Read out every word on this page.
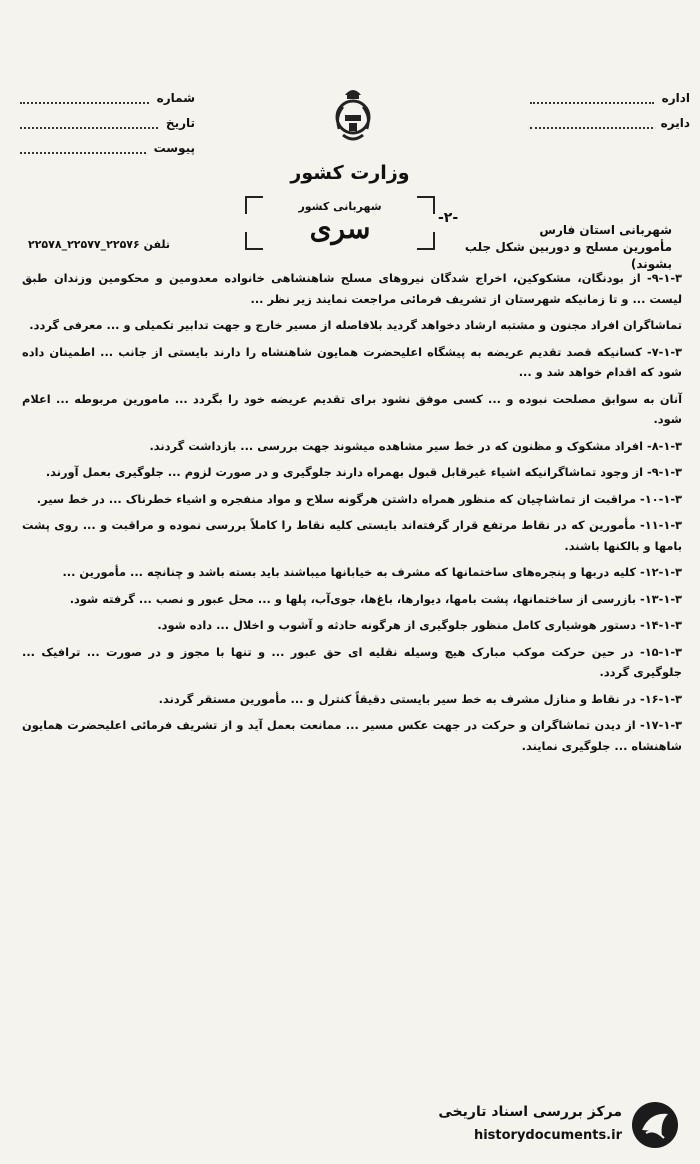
شماره
تاریخ
پیوست
اداره
دایره
وزارت کشور
شهربانی کشور
سری	-۲-
تلفن ۲۲۵۷۶_۲۲۵۷۷_۲۲۵۷۸
شهربانی استان فارس
مأمورین مسلح و دوربین شکل جلب بشوند)

۹-۱-۳- از بودنگان، مشکوکین، اخراج شدگان نیروهای مسلح شاهنشاهی خانواده معدومین و محکومین وزندان طبق لیست ... و تا زمانیکه شهرستان از تشریف فرمائی مراجعت نمایند زیر نظر ...

تماشاگران افراد مجنون و مشتبه ارشاد دخواهد گردید بلافاصله از مسیر خارج و جهت تدابیر تکمیلی و ... معرفی گردد.

۷-۱-۳- کسانیکه قصد تقدیم عریضه به پیشگاه اعلیحضرت همایون شاهنشاه را دارند بایستی از جانب ... اطمینان داده شود که اقدام خواهد شد و ...

آنان به سوابق مصلحت نبوده و ... کسی موفق نشود برای تقدیم عریضه خود را بگردد ... مامورین مربوطه ... اعلام شود.

۸-۱-۳- افراد مشکوک و مظنون که در خط سیر مشاهده میشوند جهت بررسی ... بازداشت گردند.

۹-۱-۳- از وجود تماشاگرانیکه اشیاء غیرقابل قبول بهمراه دارند جلوگیری و در صورت لزوم ... جلوگیری بعمل آورند.

۱۰-۱-۳- مراقبت از تماشاچیان که منظور همراه داشتن هرگونه سلاح و مواد منفجره و اشیاء خطرناک ... در خط سیر.

۱۱-۱-۳- مأمورین که در نقاط مرتفع قرار گرفته‌اند بایستی کلیه نقاط را کاملاً بررسی نموده و مراقبت و ... روی پشت بامها و بالکنها باشند.

۱۲-۱-۳- کلیه دربها و پنجره‌های ساختمانها که مشرف به خیابانها میباشند باید بسته باشد و چنانچه ... مأمورین ...

۱۳-۱-۳- بازرسی از ساختمانها، پشت بامها، دیوارها، باغ‌ها، جوی‌آب، پلها و ... محل عبور و نصب ... گرفته شود.

۱۴-۱-۳- دستور هوشیاری کامل منظور جلوگیری از هرگونه حادثه و آشوب و اخلال ... داده شود.

۱۵-۱-۳- در حین حرکت موکب مبارک هیچ وسیله نقلیه ای حق عبور ... و تنها با مجوز و در صورت ... ترافیک ... جلوگیری گردد.

۱۶-۱-۳- در نقاط و منازل مشرف به خط سیر بایستی دقیقاً کنترل و ... مأمورین مستقر گردند.

۱۷-۱-۳- از دیدن تماشاگران و حرکت در جهت عکس مسیر ... ممانعت بعمل آید و از تشریف فرمائی اعلیحضرت همایون شاهنشاه ... جلوگیری نمایند.

مرکز بررسی اسناد تاریخی
historydocuments.ir
